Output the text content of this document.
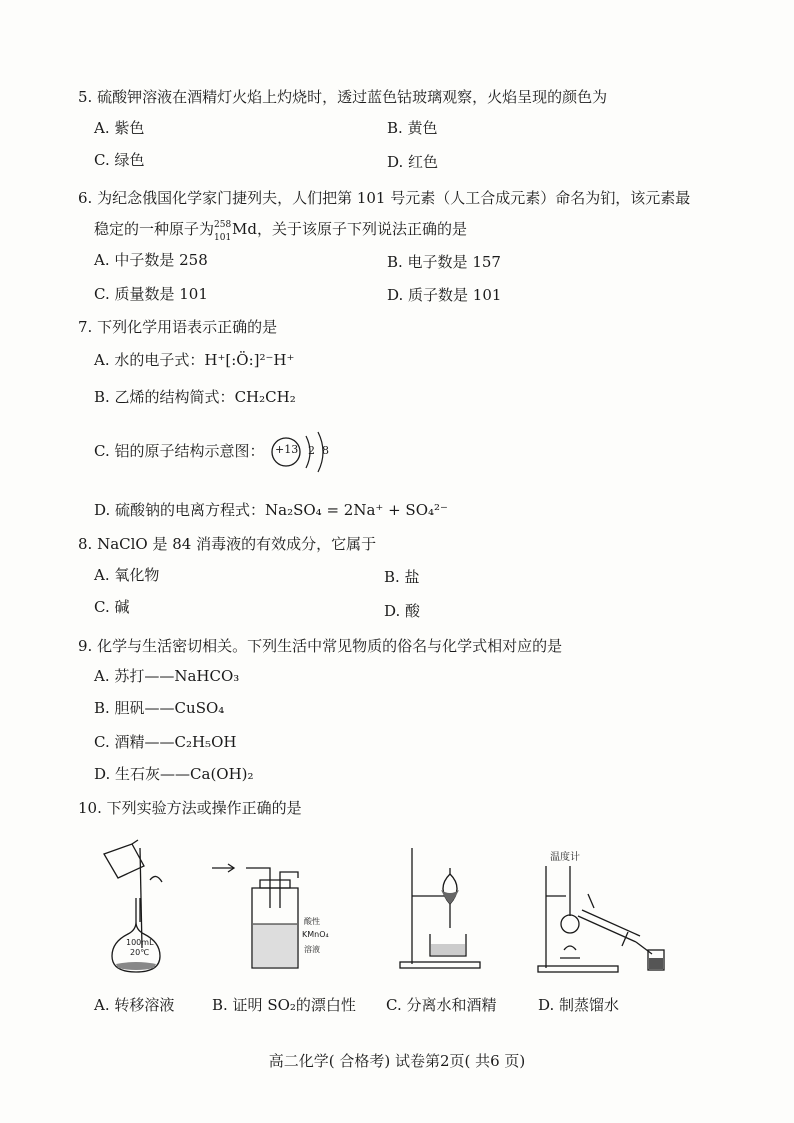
5. 硫酸钾溶液在酒精灯火焰上灼烧时，透过蓝色钴玻璃观察，火焰呈现的颜色为
A. 紫色	B. 黄色
C. 绿色	D. 红色
6. 为纪念俄国化学家门捷列夫，人们把第 101 号元素（人工合成元素）命名为钔，该元素最
稳定的一种原子为 258
101 Md，关于该原子下列说法正确的是
A. 中子数是 258	B. 电子数是 157
C. 质量数是 101	D. 质子数是 101
7. 下列化学用语表示正确的是
A. 水的电子式：H⁺[:Ö:]²⁻H⁺
B. 乙烯的结构简式：CH₂CH₂
C. 铝的原子结构示意图： +13 2 8
D. 硫酸钠的电离方程式：Na₂SO₄ = 2Na⁺ + SO₄²⁻
8. NaClO 是 84 消毒液的有效成分，它属于
A. 氧化物	B. 盐
C. 碱	D. 酸
9. 化学与生活密切相关。下列生活中常见物质的俗名与化学式相对应的是
A. 苏打——NaHCO₃
B. 胆矾——CuSO₄
C. 酒精——C₂H₅OH
D. 生石灰——Ca(OH)₂
10. 下列实验方法或操作正确的是
100mL
20℃
酸性
KMnO₄
溶液
温度计
A. 转移溶液	B. 证明 SO₂的漂白性 C. 分离水和酒精	D. 制蒸馏水
高二化学( 合格考) 试卷第2页( 共6 页)
